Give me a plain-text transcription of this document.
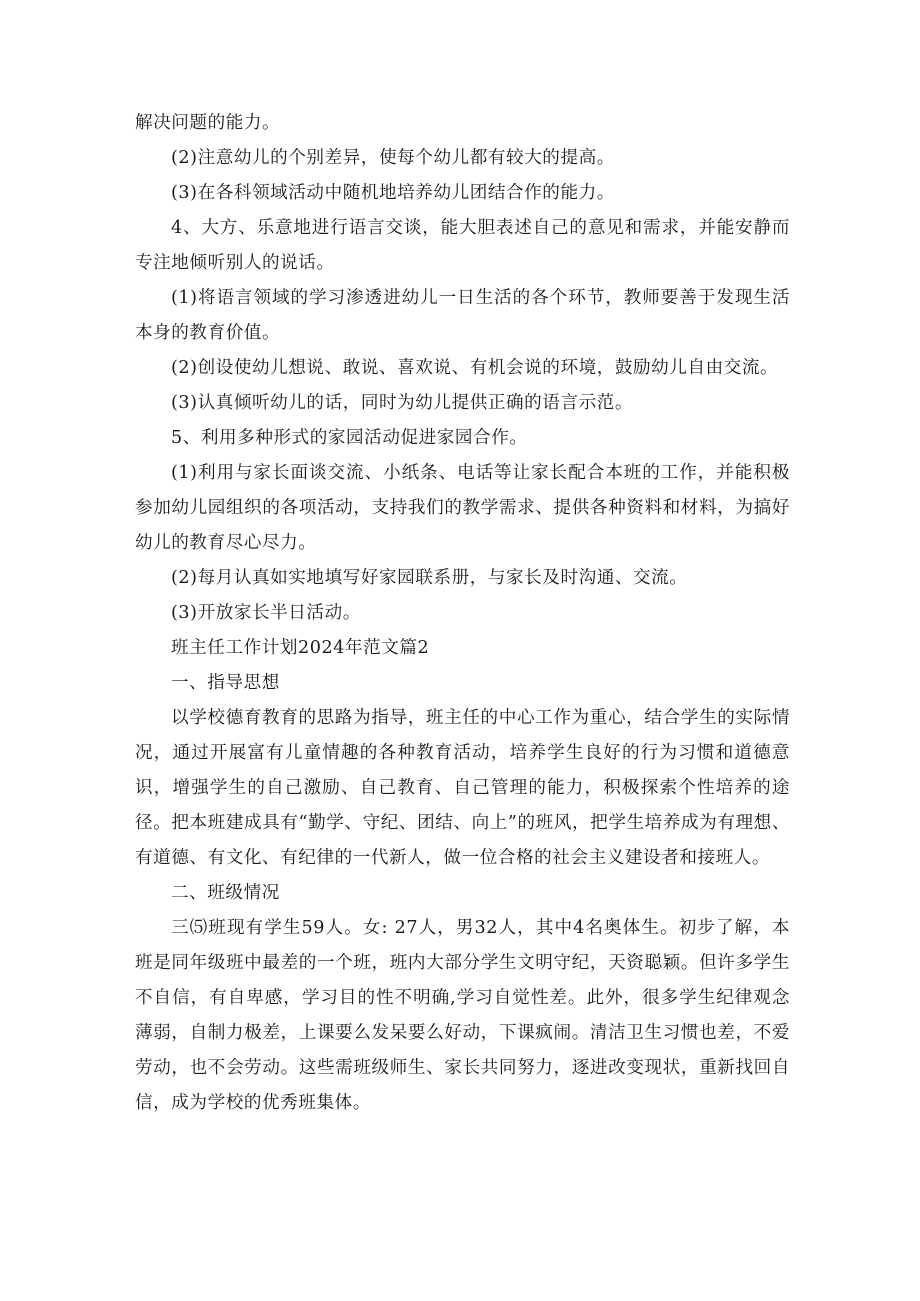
解决问题的能力。

(2)注意幼儿的个别差异，使每个幼儿都有较大的提高。

(3)在各科领域活动中随机地培养幼儿团结合作的能力。

4、大方、乐意地进行语言交谈，能大胆表述自己的意见和需求，并能安静而专注地倾听别人的说话。

(1)将语言领域的学习渗透进幼儿一日生活的各个环节，教师要善于发现生活本身的教育价值。

(2)创设使幼儿想说、敢说、喜欢说、有机会说的环境，鼓励幼儿自由交流。

(3)认真倾听幼儿的话，同时为幼儿提供正确的语言示范。

5、利用多种形式的家园活动促进家园合作。

(1)利用与家长面谈交流、小纸条、电话等让家长配合本班的工作，并能积极参加幼儿园组织的各项活动，支持我们的教学需求、提供各种资料和材料，为搞好幼儿的教育尽心尽力。

(2)每月认真如实地填写好家园联系册，与家长及时沟通、交流。

(3)开放家长半日活动。

班主任工作计划2024年范文篇2

一、指导思想

以学校德育教育的思路为指导，班主任的中心工作为重心，结合学生的实际情况，通过开展富有儿童情趣的各种教育活动，培养学生良好的行为习惯和道德意识，增强学生的自己激励、自己教育、自己管理的能力，积极探索个性培养的途径。把本班建成具有“勤学、守纪、团结、向上”的班风，把学生培养成为有理想、有道德、有文化、有纪律的一代新人，做一位合格的社会主义建设者和接班人。

二、班级情况

三⑸班现有学生59人。女: 27人，男32人，其中4名奥体生。初步了解，本班是同年级班中最差的一个班，班内大部分学生文明守纪，天资聪颖。但许多学生不自信，有自卑感，学习目的性不明确,学习自觉性差。此外，很多学生纪律观念薄弱，自制力极差，上课要么发呆要么好动，下课疯闹。清洁卫生习惯也差，不爱劳动，也不会劳动。这些需班级师生、家长共同努力，逐进改变现状，重新找回自信，成为学校的优秀班集体。
